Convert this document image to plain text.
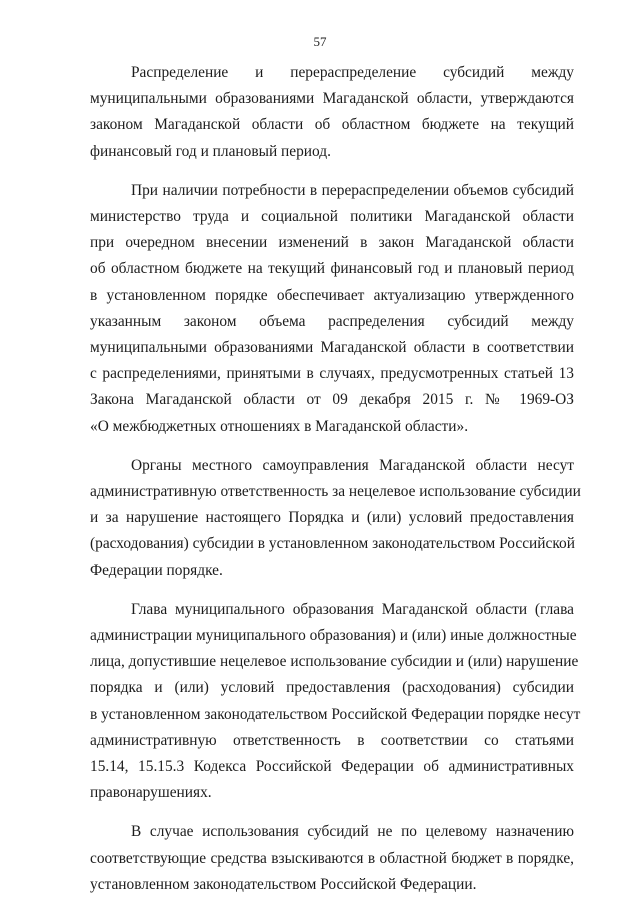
57
Распределение и перераспределение субсидий между
муниципальными образованиями Магаданской области, утверждаются
законом Магаданской области об областном бюджете на текущий
финансовый год и плановый период.
При наличии потребности в перераспределении объемов субсидий
министерство труда и социальной политики Магаданской области
при очередном внесении изменений в закон Магаданской области
об областном бюджете на текущий финансовый год и плановый период
в установленном порядке обеспечивает актуализацию утвержденного
указанным законом объема распределения субсидий между
муниципальными образованиями Магаданской области в соответствии
с распределениями, принятыми в случаях, предусмотренных статьей 13
Закона Магаданской области от 09 декабря 2015 г. № 1969-ОЗ
«О межбюджетных отношениях в Магаданской области».
Органы местного самоуправления Магаданской области несут
административную ответственность за нецелевое использование субсидии
и за нарушение настоящего Порядка и (или) условий предоставления
(расходования) субсидии в установленном законодательством Российской
Федерации порядке.
Глава муниципального образования Магаданской области (глава
администрации муниципального образования) и (или) иные должностные
лица, допустившие нецелевое использование субсидии и (или) нарушение
порядка и (или) условий предоставления (расходования) субсидии
в установленном законодательством Российской Федерации порядке несут
административную ответственность в соответствии со статьями
15.14, 15.15.3 Кодекса Российской Федерации об административных
правонарушениях.
В случае использования субсидий не по целевому назначению
соответствующие средства взыскиваются в областной бюджет в порядке,
установленном законодательством Российской Федерации.
